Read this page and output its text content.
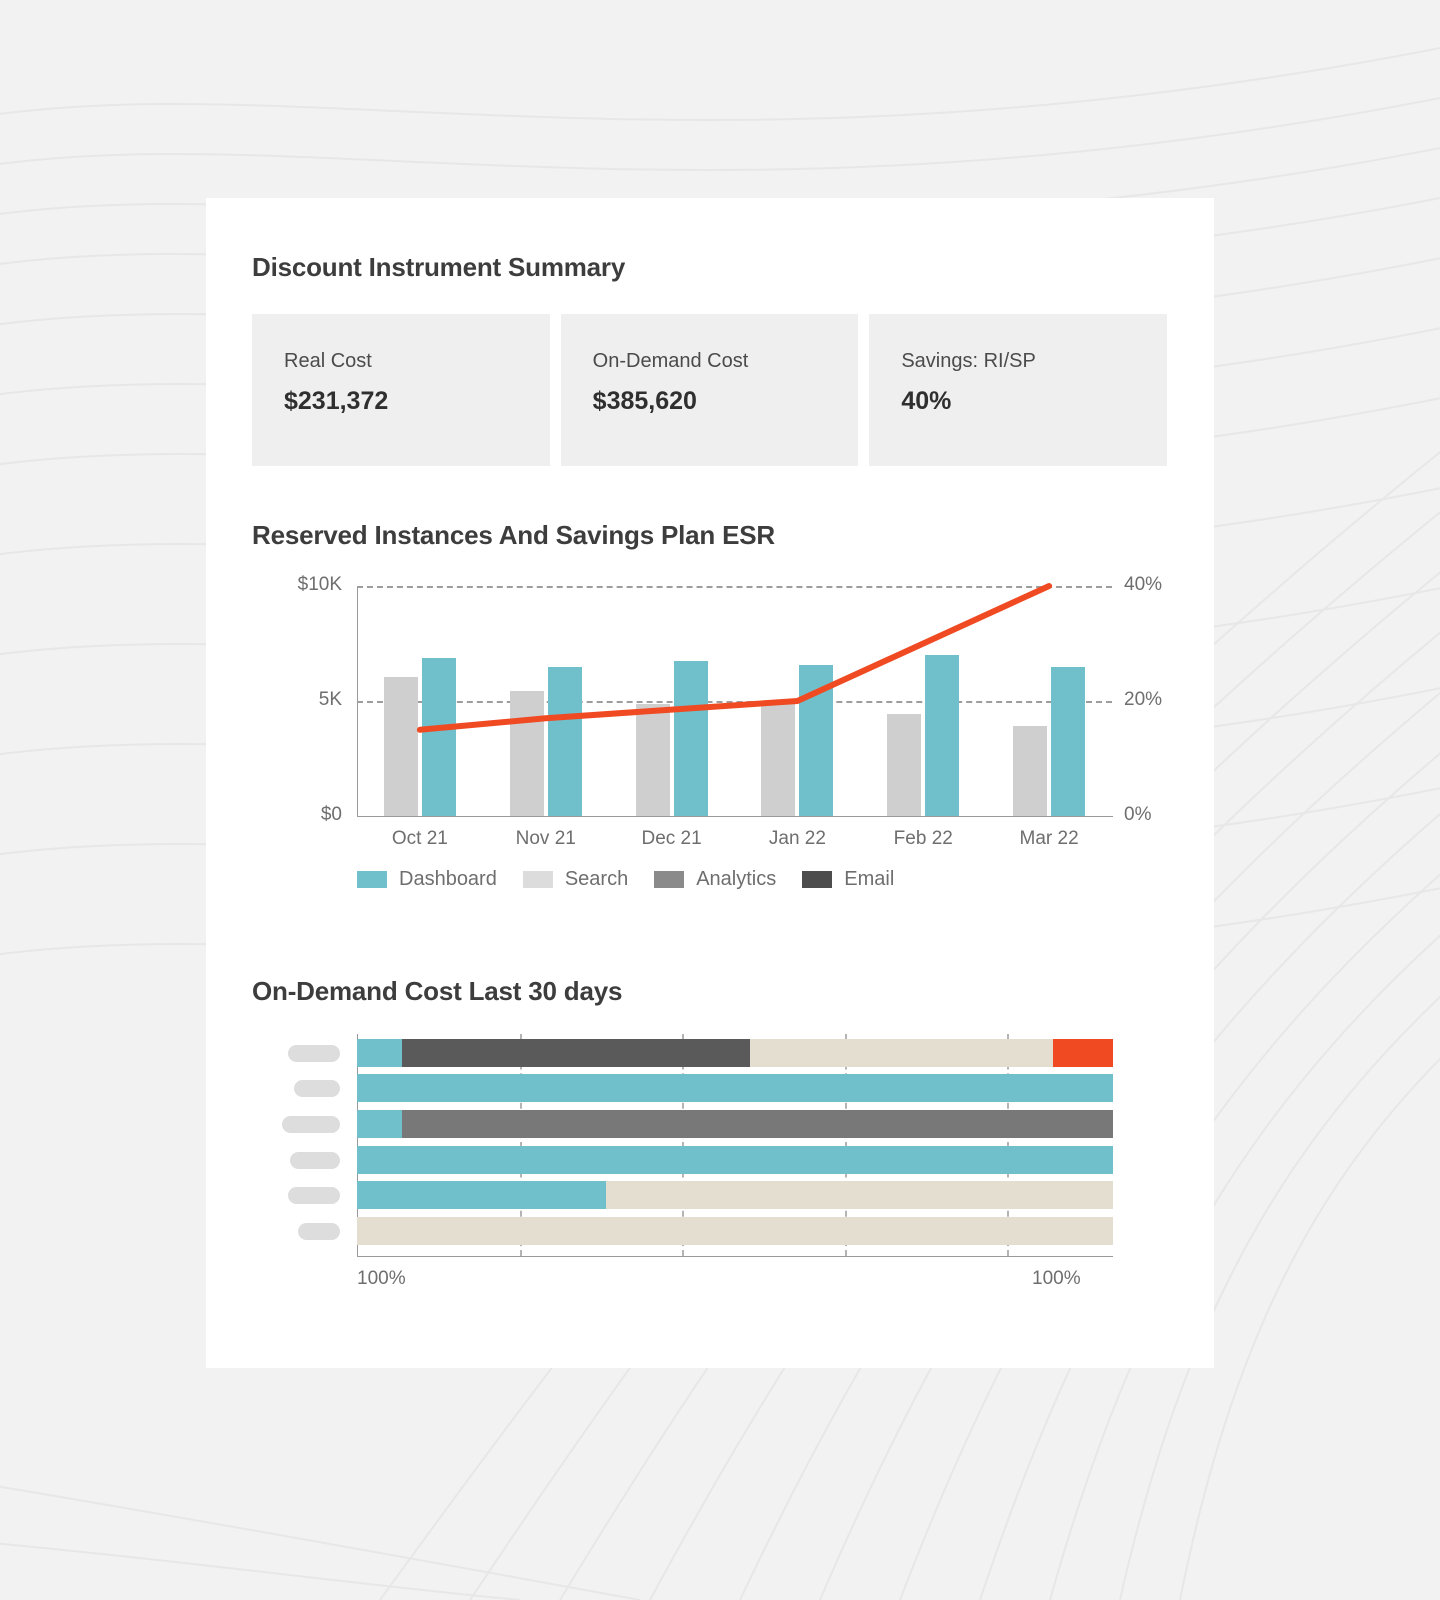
Discount Instrument Summary
Real Cost
$231,372
On-Demand Cost
$385,620
Savings: RI/SP
40%
Reserved Instances And Savings Plan ESR
$0
5K
$10K
0%
20%
40%
Oct 21	Nov 21	Dec 21	Jan 22	Feb 22	Mar 22
Dashboard	Search	Analytics	Email
On-Demand Cost Last 30 days
100%	100%
